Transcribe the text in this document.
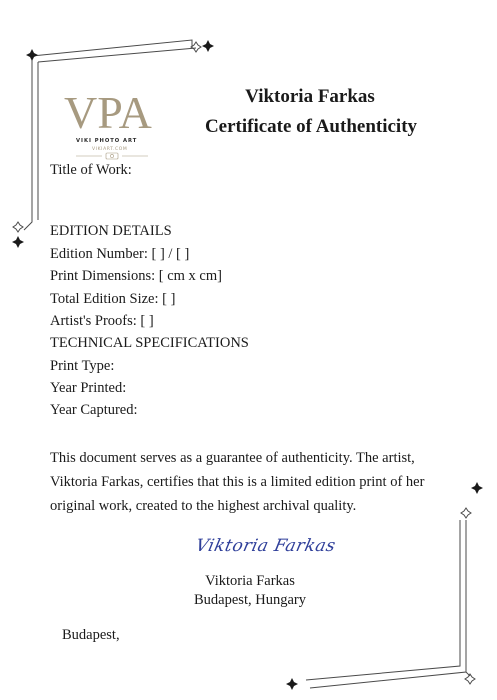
VPA
VIKI PHOTO ART
VIKIART.COM
Viktoria Farkas
Certificate of Authenticity
Title of Work:
EDITION DETAILS
Edition Number: [ ] / [ ]
Print Dimensions: [ cm x cm]
Total Edition Size: [ ]
Artist's Proofs: [ ]
TECHNICAL SPECIFICATIONS
Print Type:
Year Printed:
Year Captured:
This document serves as a guarantee of authenticity. The artist, Viktoria Farkas, certifies that this is a limited edition print of her original work, created to the highest archival quality.
Viktoria Farkas
Viktoria Farkas
Budapest, Hungary
Budapest,
